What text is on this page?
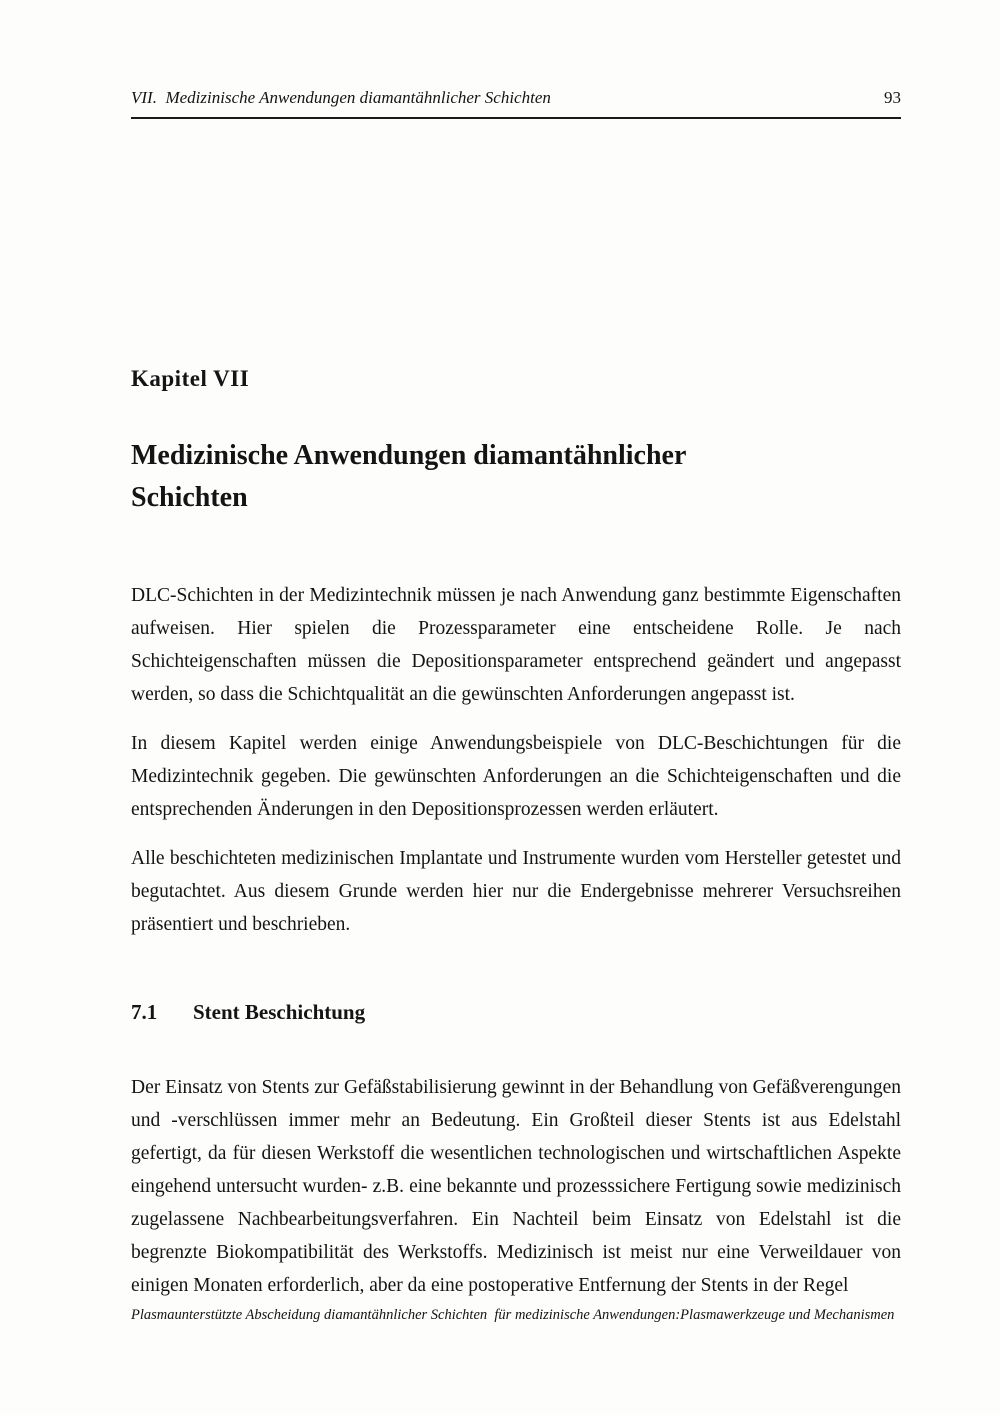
VII.  Medizinische Anwendungen diamantähnlicher Schichten	93
Kapitel VII
Medizinische Anwendungen diamantähnlicher Schichten

DLC-Schichten in der Medizintechnik müssen je nach Anwendung ganz bestimmte Eigenschaften aufweisen. Hier spielen die Prozessparameter eine entscheidene Rolle. Je nach Schichteigenschaften müssen die Depositionsparameter entsprechend geändert und angepasst werden, so dass die Schichtqualität an die gewünschten Anforderungen angepasst ist.

In diesem Kapitel werden einige Anwendungsbeispiele von DLC-Beschichtungen für die Medizintechnik gegeben. Die gewünschten Anforderungen an die Schichteigenschaften und die entsprechenden Änderungen in den Depositionsprozessen werden erläutert.

Alle beschichteten medizinischen Implantate und Instrumente wurden vom Hersteller getestet und begutachtet. Aus diesem Grunde werden hier nur die Endergebnisse mehrerer Versuchsreihen präsentiert und beschrieben.

7.1	Stent Beschichtung

Der Einsatz von Stents zur Gefäßstabilisierung gewinnt in der Behandlung von Gefäßverengungen und -verschlüssen immer mehr an Bedeutung. Ein Großteil dieser Stents ist aus Edelstahl gefertigt, da für diesen Werkstoff die wesentlichen technologischen und wirtschaftlichen Aspekte eingehend untersucht wurden- z.B. eine bekannte und prozesssichere Fertigung sowie medizinisch zugelassene Nachbearbeitungsverfahren. Ein Nachteil beim Einsatz von Edelstahl ist die begrenzte Biokompatibilität des Werkstoffs. Medizinisch ist meist nur eine Verweildauer von einigen Monaten erforderlich, aber da eine postoperative Entfernung der Stents in der Regel

Plasmaunterstützte Abscheidung diamantähnlicher Schichten  für medizinische Anwendungen:Plasmawerkzeuge und Mechanismen
